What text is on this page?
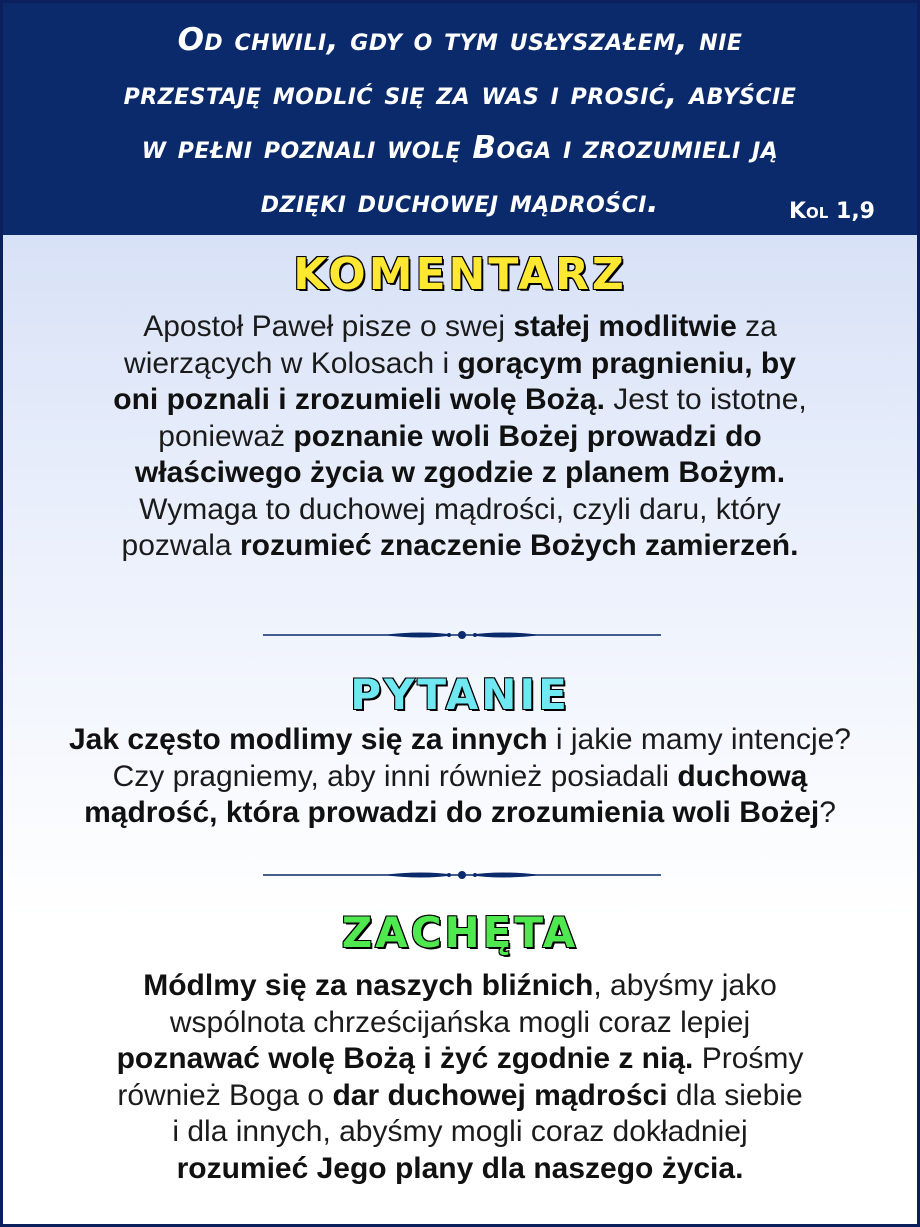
Od chwili, gdy o tym usłyszałem, nie
przestaję modlić się za was i prosić, abyście
w pełni poznali wolę Boga i zrozumieli ją
dzięki duchowej mądrości.	Kol 1,9
KOMENTARZ
Apostoł Paweł pisze o swej stałej modlitwie za
wierzących w Kolosach i gorącym pragnieniu, by
oni poznali i zrozumieli wolę Bożą. Jest to istotne,
ponieważ poznanie woli Bożej prowadzi do
właściwego życia w zgodzie z planem Bożym.
Wymaga to duchowej mądrości, czyli daru, który
pozwala rozumieć znaczenie Bożych zamierzeń.
PYTANIE
Jak często modlimy się za innych i jakie mamy intencje?
Czy pragniemy, aby inni również posiadali duchową
mądrość, która prowadzi do zrozumienia woli Bożej?
ZACHĘTA
Módlmy się za naszych bliźnich, abyśmy jako
wspólnota chrześcijańska mogli coraz lepiej
poznawać wolę Bożą i żyć zgodnie z nią. Prośmy
również Boga o dar duchowej mądrości dla siebie
i dla innych, abyśmy mogli coraz dokładniej
rozumieć Jego plany dla naszego życia.
